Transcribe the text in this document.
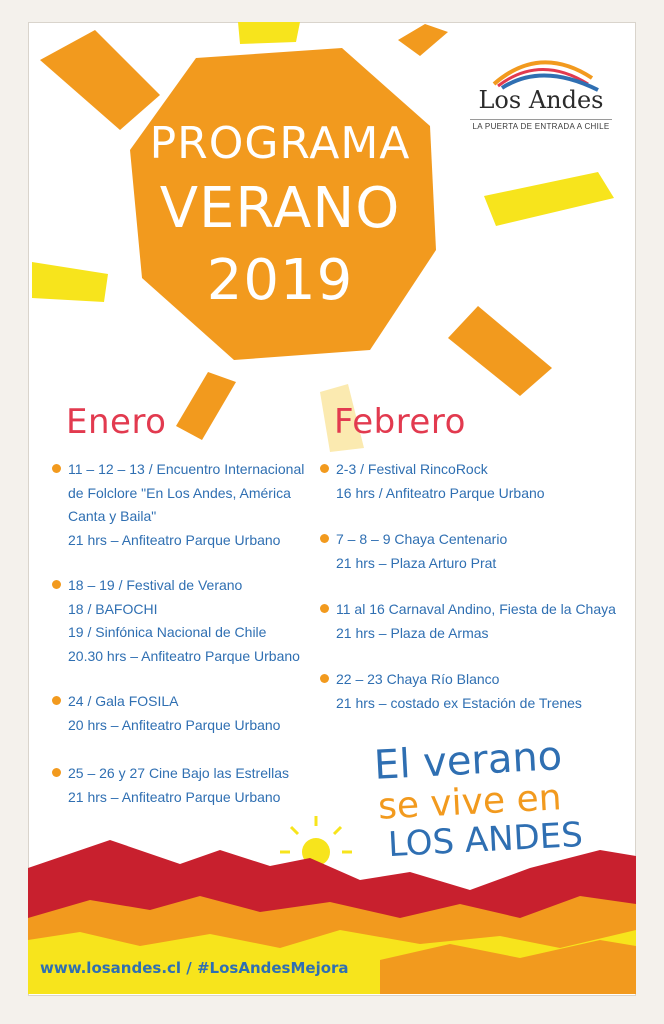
PROGRAMA
VERANO
2019
Los Andes
LA PUERTA DE ENTRADA A CHILE
Enero
11 – 12 – 13 / Encuentro Internacional
de Folclore "En Los Andes, América
Canta y Baila"
21 hrs – Anfiteatro Parque Urbano
18 – 19 / Festival de Verano
18 / BAFOCHI
19 / Sinfónica Nacional de Chile
20.30 hrs – Anfiteatro Parque Urbano
24 / Gala FOSILA
20 hrs – Anfiteatro Parque Urbano
25 – 26 y 27 Cine Bajo las Estrellas
21 hrs – Anfiteatro Parque Urbano
Febrero
2-3 / Festival RincoRock
16 hrs / Anfiteatro Parque Urbano
7 – 8 – 9 Chaya Centenario
21 hrs – Plaza Arturo Prat
11 al 16 Carnaval Andino, Fiesta de la Chaya
21 hrs – Plaza de Armas
22 – 23 Chaya Río Blanco
21 hrs – costado ex Estación de Trenes
El verano
se vive en
LOS ANDES
www.losandes.cl / #LosAndesMejora
